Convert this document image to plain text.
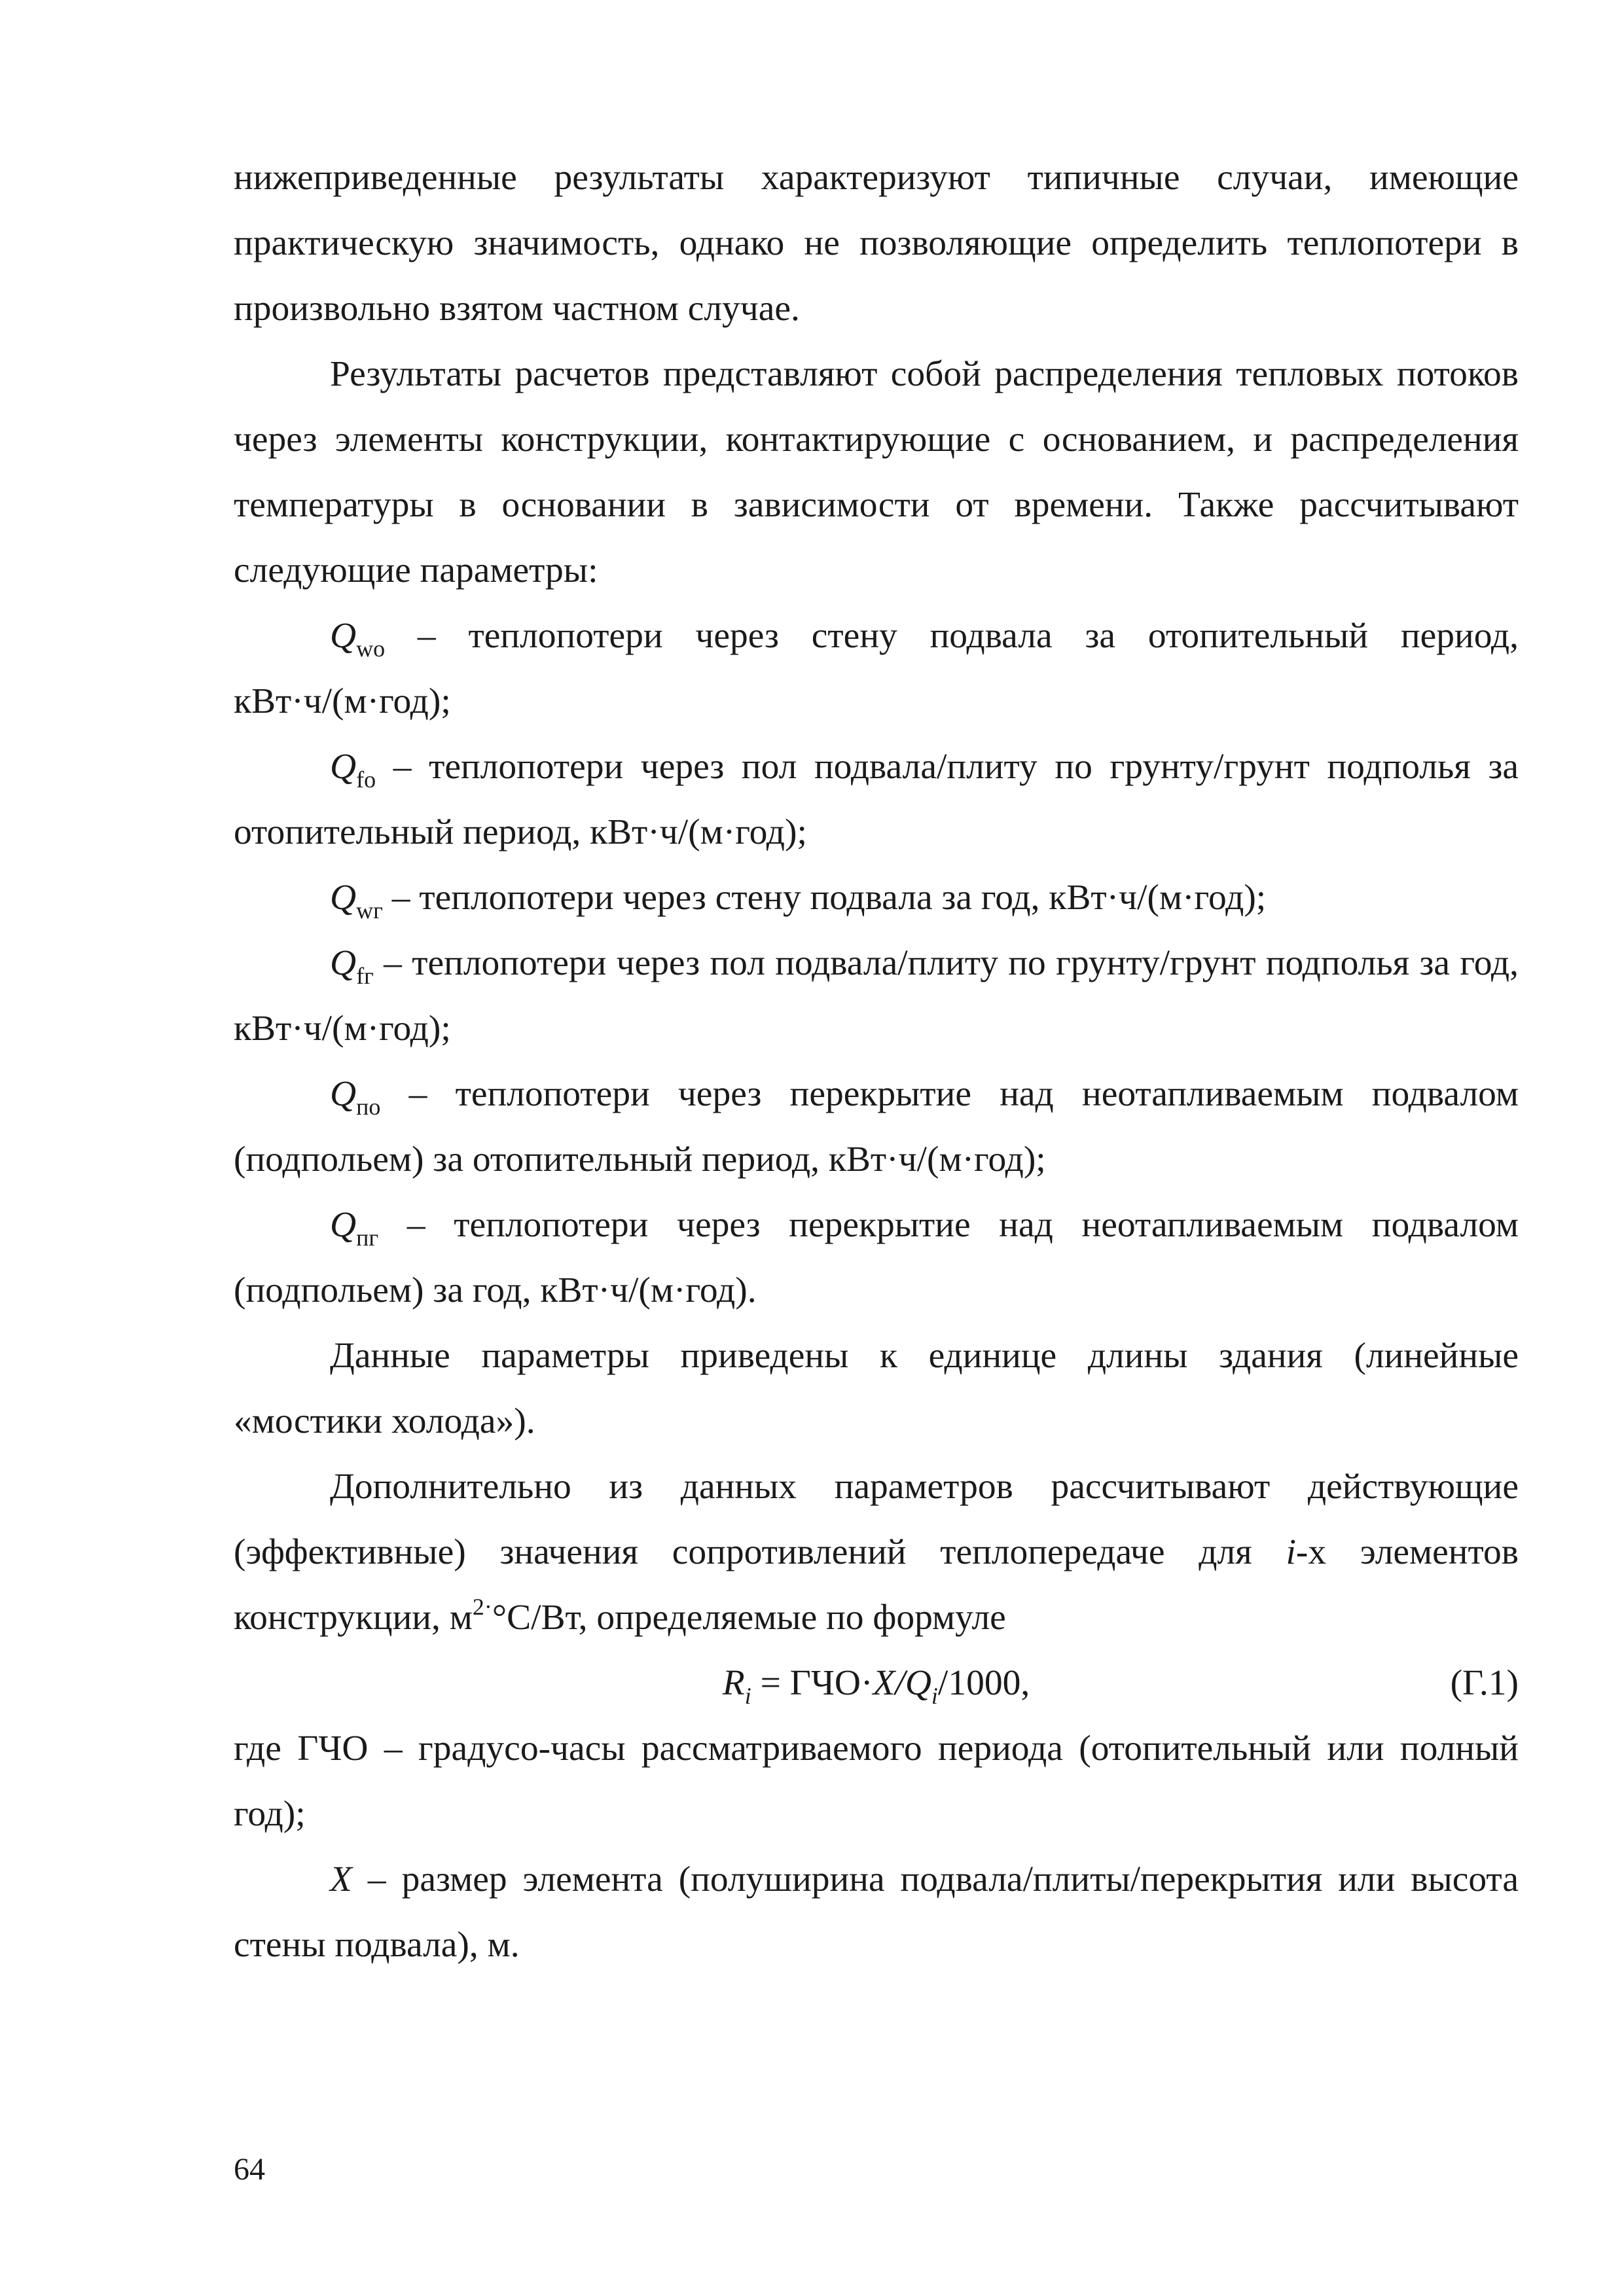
нижеприведенные результаты характеризуют типичные случаи, имеющие практическую значимость, однако не позволяющие определить теплопотери в произвольно взятом частном случае.

Результаты расчетов представляют собой распределения тепловых потоков через элементы конструкции, контактирующие с основанием, и распределения температуры в основании в зависимости от времени. Также рассчитывают следующие параметры:

$Q_{wo}$ – теплопотери через стену подвала за отопительный период, кВт·ч/(м·год);

$Q_{fo}$ – теплопотери через пол подвала/плиту по грунту/грунт подполья за отопительный период, кВт·ч/(м·год);

$Q_{wг}$ – теплопотери через стену подвала за год, кВт·ч/(м·год);

$Q_{fг}$ – теплопотери через пол подвала/плиту по грунту/грунт подполья за год, кВт·ч/(м·год);

$Q_{по}$ – теплопотери через перекрытие над неотапливаемым подвалом (подпольем) за отопительный период, кВт·ч/(м·год);

$Q_{пг}$ – теплопотери через перекрытие над неотапливаемым подвалом (подпольем) за год, кВт·ч/(м·год).

Данные параметры приведены к единице длины здания (линейные «мостики холода»).

Дополнительно из данных параметров рассчитывают действующие (эффективные) значения сопротивлений теплопередаче для i-х элементов конструкции, $м^{2\cdot}^\circ С/Вт$, определяемые по формуле

$R_i = ГЧО\cdot X/Q_i/1000$,	(Г.1)

где ГЧО – градусо-часы рассматриваемого периода (отопительный или полный год);

X – размер элемента (полуширина подвала/плиты/перекрытия или высота стены подвала), м.

64
